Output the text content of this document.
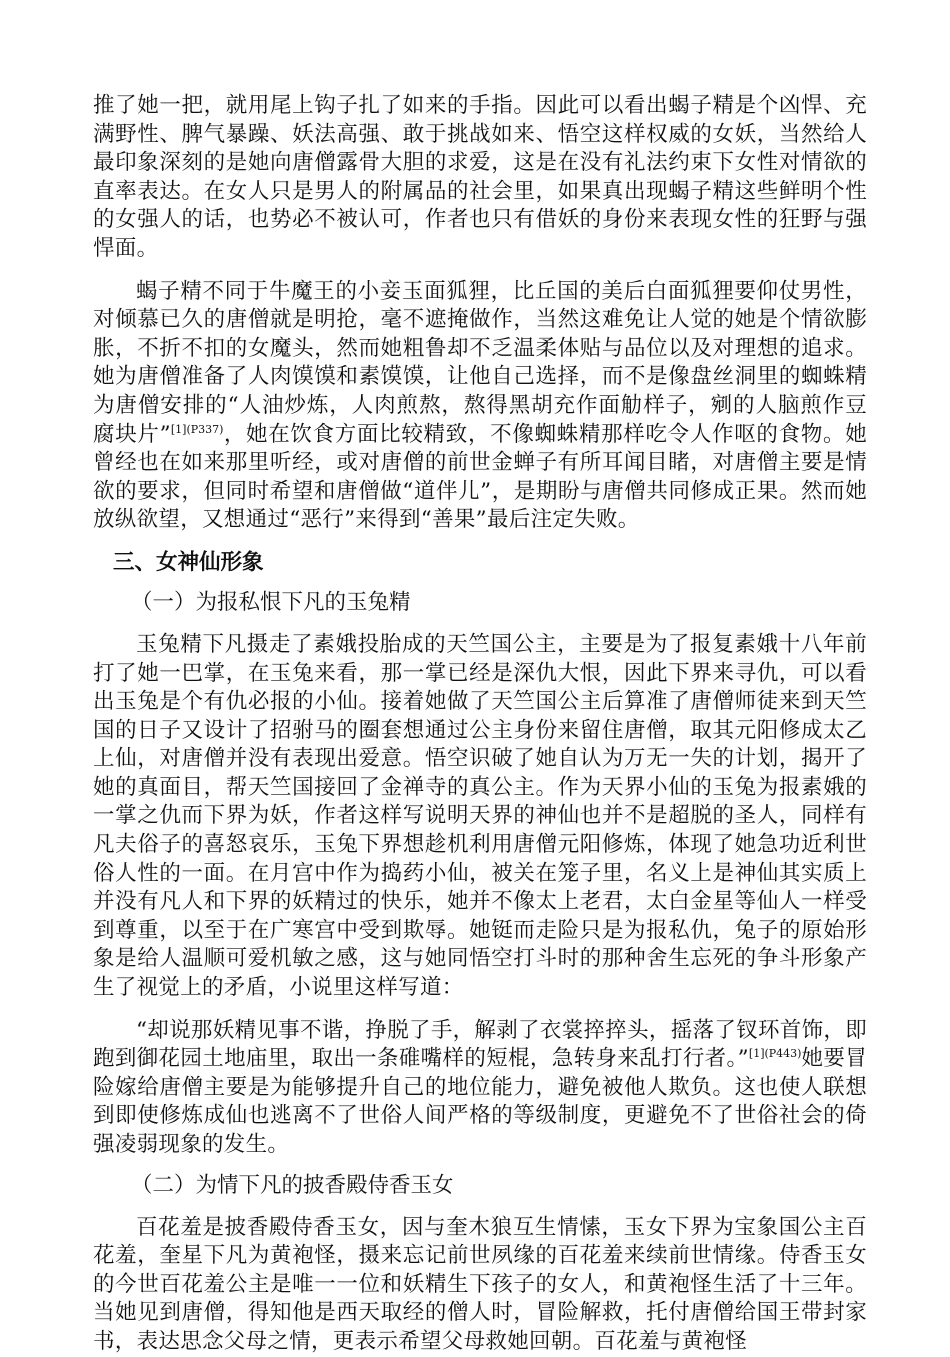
推了她一把，就用尾上钩子扎了如来的手指。因此可以看出蝎子精是个凶悍、充满野性、脾气暴躁、妖法高强、敢于挑战如来、悟空这样权威的女妖，当然给人最印象深刻的是她向唐僧露骨大胆的求爱，这是在没有礼法约束下女性对情欲的直率表达。在女人只是男人的附属品的社会里，如果真出现蝎子精这些鲜明个性的女强人的话，也势必不被认可，作者也只有借妖的身份来表现女性的狂野与强悍面。

蝎子精不同于牛魔王的小妾玉面狐狸，比丘国的美后白面狐狸要仰仗男性，对倾慕已久的唐僧就是明抢，毫不遮掩做作，当然这难免让人觉的她是个情欲膨胀，不折不扣的女魔头，然而她粗鲁却不乏温柔体贴与品位以及对理想的追求。她为唐僧准备了人肉馍馍和素馍馍，让他自己选择，而不是像盘丝洞里的蜘蛛精为唐僧安排的“人油炒炼，人肉煎熬，熬得黑胡充作面觔样子，剜的人脑煎作豆腐块片”$^{[1](P337)}$，她在饮食方面比较精致，不像蜘蛛精那样吃令人作呕的食物。她曾经也在如来那里听经，或对唐僧的前世金蝉子有所耳闻目睹，对唐僧主要是情欲的要求，但同时希望和唐僧做“道伴儿”，是期盼与唐僧共同修成正果。然而她放纵欲望，又想通过“恶行”来得到“善果”最后注定失败。

三、女神仙形象
（一）为报私恨下凡的玉兔精

玉兔精下凡摄走了素娥投胎成的天竺国公主，主要是为了报复素娥十八年前打了她一巴掌，在玉兔来看，那一掌已经是深仇大恨，因此下界来寻仇，可以看出玉兔是个有仇必报的小仙。接着她做了天竺国公主后算准了唐僧师徒来到天竺国的日子又设计了招驸马的圈套想通过公主身份来留住唐僧，取其元阳修成太乙上仙，对唐僧并没有表现出爱意。悟空识破了她自认为万无一失的计划，揭开了她的真面目，帮天竺国接回了金禅寺的真公主。作为天界小仙的玉兔为报素娥的一掌之仇而下界为妖，作者这样写说明天界的神仙也并不是超脱的圣人，同样有凡夫俗子的喜怒哀乐，玉兔下界想趁机利用唐僧元阳修炼，体现了她急功近利世俗人性的一面。在月宫中作为捣药小仙，被关在笼子里，名义上是神仙其实质上并没有凡人和下界的妖精过的快乐，她并不像太上老君，太白金星等仙人一样受到尊重，以至于在广寒宫中受到欺辱。她铤而走险只是为报私仇，兔子的原始形象是给人温顺可爱机敏之感，这与她同悟空打斗时的那种舍生忘死的争斗形象产生了视觉上的矛盾，小说里这样写道：

“却说那妖精见事不谐，挣脱了手，解剥了衣裳捽捽头，摇落了钗环首饰，即跑到御花园土地庙里，取出一条碓嘴样的短棍，急转身来乱打行者。”$^{[1](P443)}$她要冒险嫁给唐僧主要是为能够提升自己的地位能力，避免被他人欺负。这也使人联想到即使修炼成仙也逃离不了世俗人间严格的等级制度，更避免不了世俗社会的倚强凌弱现象的发生。

（二）为情下凡的披香殿侍香玉女

百花羞是披香殿侍香玉女，因与奎木狼互生情愫，玉女下界为宝象国公主百花羞，奎星下凡为黄袍怪，摄来忘记前世夙缘的百花羞来续前世情缘。侍香玉女的今世百花羞公主是唯一一位和妖精生下孩子的女人，和黄袍怪生活了十三年。当她见到唐僧，得知他是西天取经的僧人时，冒险解救，托付唐僧给国王带封家书，表达思念父母之情，更表示希望父母救她回朝。百花羞与黄袍怪
